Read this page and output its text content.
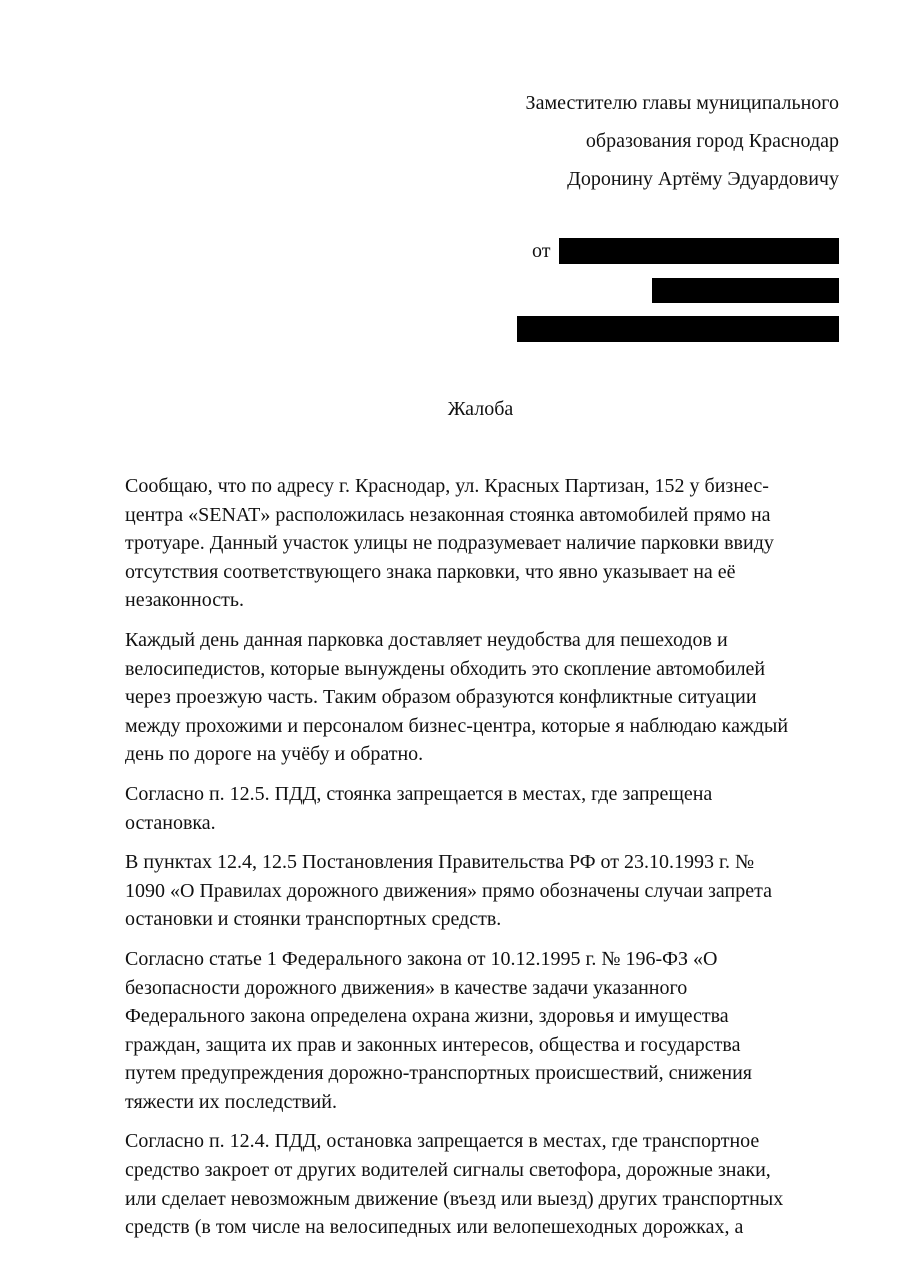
Заместителю главы муниципального
образования город Краснодар
Доронину Артёму Эдуардовичу
от
Жалоба

Сообщаю, что по адресу г. Краснодар, ул. Красных Партизан, 152 у бизнес-
центра «SENAT» расположилась незаконная стоянка автомобилей прямо на
тротуаре. Данный участок улицы не подразумевает наличие парковки ввиду
отсутствия соответствующего знака парковки, что явно указывает на её
незаконность.

Каждый день данная парковка доставляет неудобства для пешеходов и
велосипедистов, которые вынуждены обходить это скопление автомобилей
через проезжую часть. Таким образом образуются конфликтные ситуации
между прохожими и персоналом бизнес-центра, которые я наблюдаю каждый
день по дороге на учёбу и обратно.

Согласно п. 12.5. ПДД, стоянка запрещается в местах, где запрещена
остановка.

В пунктах 12.4, 12.5 Постановления Правительства РФ от 23.10.1993 г. №
1090 «О Правилах дорожного движения» прямо обозначены случаи запрета
остановки и стоянки транспортных средств.

Согласно статье 1 Федерального закона от 10.12.1995 г. № 196-ФЗ «О
безопасности дорожного движения» в качестве задачи указанного
Федерального закона определена охрана жизни, здоровья и имущества
граждан, защита их прав и законных интересов, общества и государства
путем предупреждения дорожно-транспортных происшествий, снижения
тяжести их последствий.

Согласно п. 12.4. ПДД, остановка запрещается в местах, где транспортное
средство закроет от других водителей сигналы светофора, дорожные знаки,
или сделает невозможным движение (въезд или выезд) других транспортных
средств (в том числе на велосипедных или велопешеходных дорожках, а
